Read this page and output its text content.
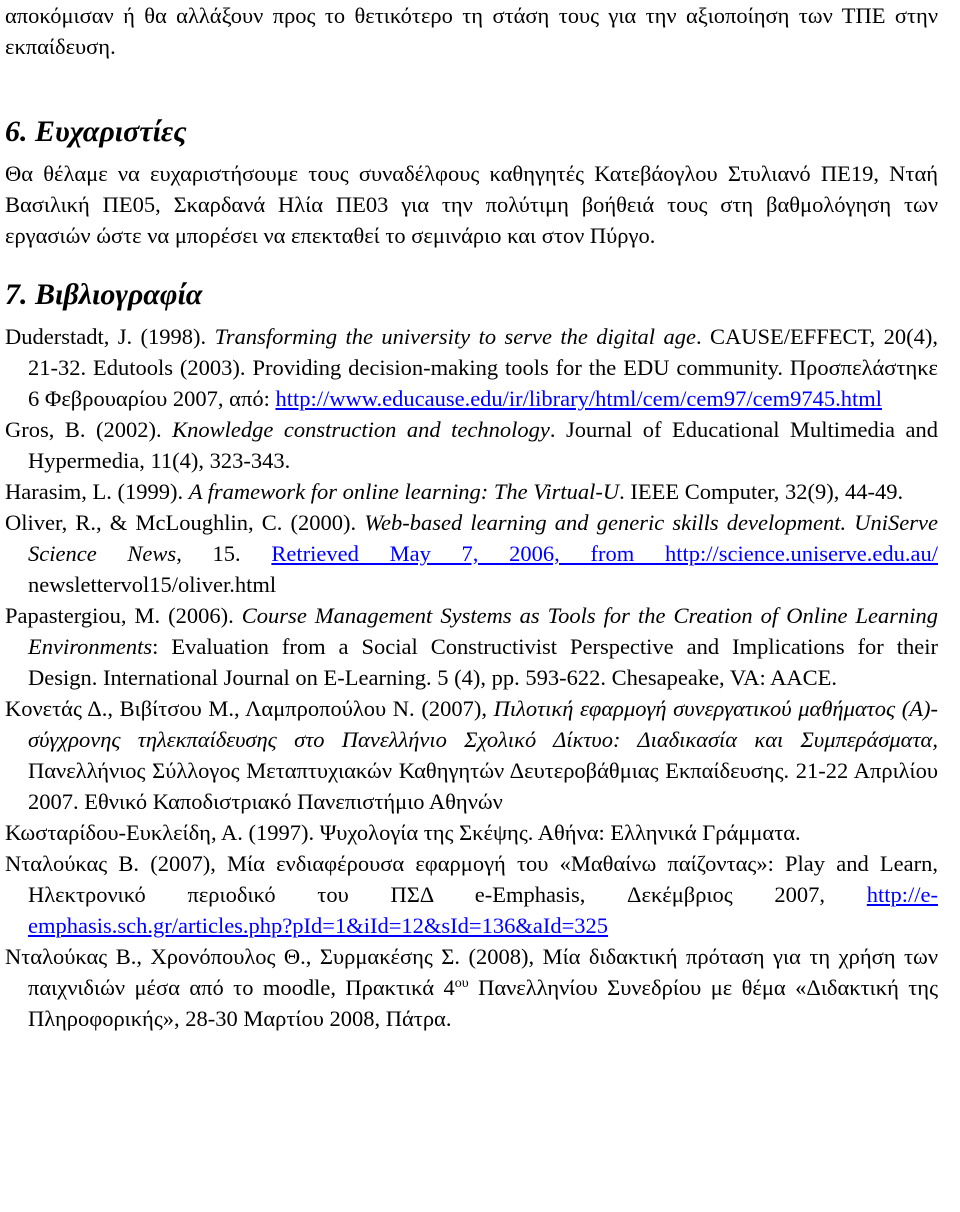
αποκόμισαν ή θα αλλάξουν προς το θετικότερο τη στάση τους για την αξιοποίηση των ΤΠΕ στην εκπαίδευση.

6. Ευχαριστίες

Θα θέλαμε να ευχαριστήσουμε τους συναδέλφους καθηγητές Κατεβάογλου Στυλιανό ΠΕ19, Νταή Βασιλική ΠΕ05, Σκαρδανά Ηλία ΠΕ03 για την πολύτιμη βοήθειά τους στη βαθμολόγηση των εργασιών ώστε να μπορέσει να επεκταθεί το σεμινάριο και στον Πύργο.

7. Βιβλιογραφία

Duderstadt, J. (1998). Transforming the university to serve the digital age. CAUSE/EFFECT, 20(4), 21-32. Edutools (2003). Providing decision-making tools for the EDU community. Προσπελάστηκε 6 Φεβρουαρίου 2007, από: http://www.educause.edu/ir/library/html/cem/cem97/cem9745.html

Gros, B. (2002). Knowledge construction and technology. Journal of Educational Multimedia and Hypermedia, 11(4), 323-343.

Harasim, L. (1999). A framework for online learning: The Virtual-U. IEEE Computer, 32(9), 44-49.

Oliver, R., & McLoughlin, C. (2000). Web-based learning and generic skills development. UniServe Science News, 15. Retrieved May 7, 2006, from http://science.uniserve.edu.au/ newslettervol15/oliver.html

Papastergiou, M. (2006). Course Management Systems as Tools for the Creation of Online Learning Environments: Evaluation from a Social Constructivist Perspective and Implications for their Design. International Journal on E-Learning. 5 (4), pp. 593-622. Chesapeake, VA: AACE.

Κονετάς Δ., Βιβίτσου Μ., Λαμπροπούλου Ν. (2007), Πιλοτική εφαρμογή συνεργατικού μαθήματος (Α)-σύγχρονης τηλεκπαίδευσης στο Πανελλήνιο Σχολικό Δίκτυο: Διαδικασία και Συμπεράσματα, Πανελλήνιος Σύλλογος Μεταπτυχιακών Καθηγητών Δευτεροβάθμιας Εκπαίδευσης. 21-22 Απριλίου 2007. Εθνικό Καποδιστριακό Πανεπιστήμιο Αθηνών

Κωσταρίδου-Ευκλείδη, Α. (1997). Ψυχολογία της Σκέψης. Αθήνα: Ελληνικά Γράμματα.

Νταλούκας Β. (2007), Μία ενδιαφέρουσα εφαρμογή του «Μαθαίνω παίζοντας»: Play and Learn, Ηλεκτρονικό περιοδικό του ΠΣΔ e-Emphasis, Δεκέμβριος 2007, http://e-emphasis.sch.gr/articles.php?pId=1&iId=12&sId=136&aId=325

Νταλούκας Β., Χρονόπουλος Θ., Συρμακέσης Σ. (2008), Μία διδακτική πρόταση για τη χρήση των παιχνιδιών μέσα από το moodle, Πρακτικά $4^{o\upsilon}$ Πανελληνίου Συνεδρίου με θέμα «Διδακτική της Πληροφορικής», 28-30 Μαρτίου 2008, Πάτρα.
